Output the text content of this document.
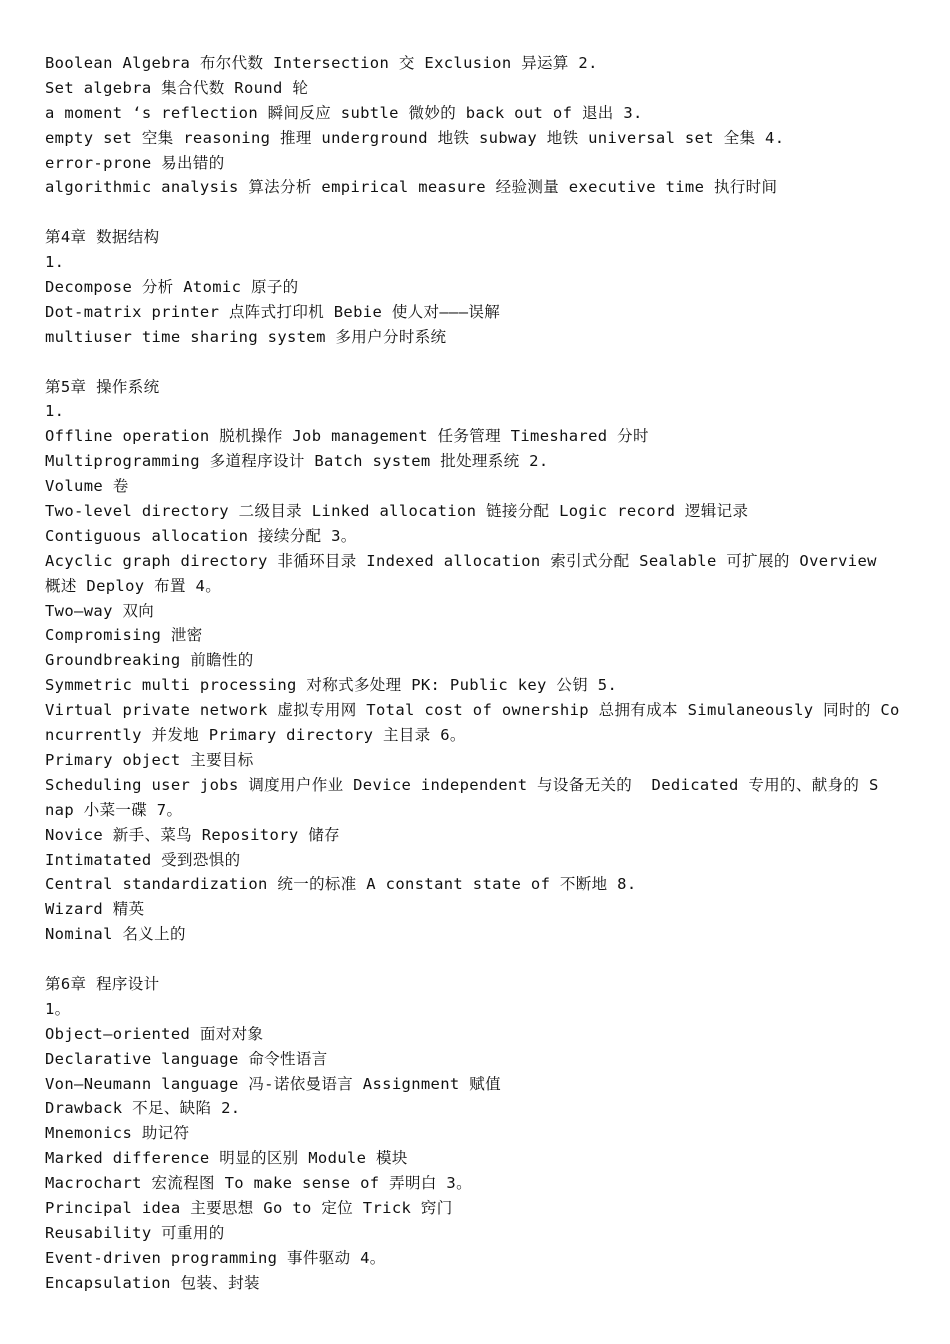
Boolean Algebra 布尔代数 Intersection 交 Exclusion 异运算 2.
Set algebra 集合代数 Round 轮
a moment ‘s reflection 瞬间反应 subtle 微妙的 back out of 退出 3.
empty set 空集 reasoning 推理 underground 地铁 subway 地铁 universal set 全集 4.
error-prone 易出错的
algorithmic analysis 算法分析 empirical measure 经验测量 executive time 执行时间
第4章 数据结构
1.
Decompose 分析 Atomic 原子的
Dot-matrix printer 点阵式打印机 Bebie 使人对———误解
multiuser time sharing system 多用户分时系统
第5章 操作系统
1.
Offline operation 脱机操作 Job management 任务管理 Timeshared 分时
Multiprogramming 多道程序设计 Batch system 批处理系统 2.
Volume 卷
Two-level directory 二级目录 Linked allocation 链接分配 Logic record 逻辑记录
Contiguous allocation 接续分配 3。
Acyclic graph directory 非循环目录 Indexed allocation 索引式分配 Sealable 可扩展的 Overview
概述 Deploy 布置 4。
Two—way 双向
Compromising 泄密
Groundbreaking 前瞻性的
Symmetric multi processing 对称式多处理 PK: Public key 公钥 5.
Virtual private network 虚拟专用网 Total cost of ownership 总拥有成本 Simulaneously 同时的 Co
ncurrently 并发地 Primary directory 主目录 6。
Primary object 主要目标
Scheduling user jobs 调度用户作业 Device independent 与设备无关的  Dedicated 专用的、献身的 S
nap 小菜一碟 7。
Novice 新手、菜鸟 Repository 储存
Intimatated 受到恐惧的
Central standardization 统一的标准 A constant state of 不断地 8.
Wizard 精英
Nominal 名义上的
第6章 程序设计
1。
Object—oriented 面对对象
Declarative language 命令性语言
Von—Neumann language 冯-诺依曼语言 Assignment 赋值
Drawback 不足、缺陷 2.
Mnemonics 助记符
Marked difference 明显的区别 Module 模块
Macrochart 宏流程图 To make sense of 弄明白 3。
Principal idea 主要思想 Go to 定位 Trick 窍门
Reusability 可重用的
Event-driven programming 事件驱动 4。
Encapsulation 包装、封装
